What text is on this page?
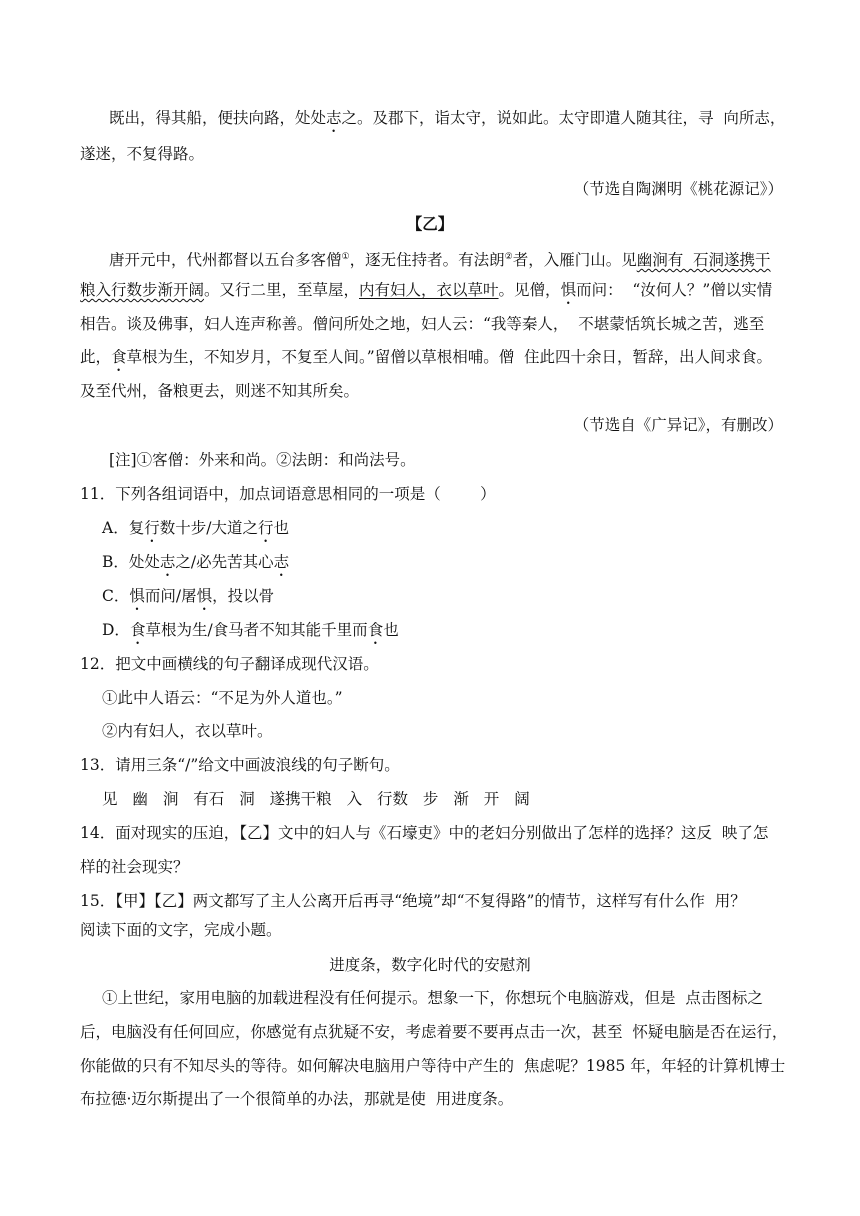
既出，得其船，便扶向路，处处志之。及郡下，诣太守，说如此。太守即遣人随其往，寻  向所志，
遂迷，不复得路。
（节选自陶渊明《桃花源记》）
【乙】
唐开元中，代州都督以五台多客僧①，逐无住持者。有法朗②者，入雁门山。见幽涧有  石洞遂携干
粮入行数步渐开阔。又行二里，至草屋，内有妇人，衣以草叶。见僧，惧而问：  “汝何人？”僧以实情
相告。谈及佛事，妇人连声称善。僧问所处之地，妇人云：“我等秦人，  不堪蒙恬筑长城之苦，逃至
此，食草根为生，不知岁月，不复至人间。”留僧以草根相哺。僧  住此四十余日，暂辞，出人间求食。
及至代州，备粮更去，则迷不知其所矣。
（节选自《广异记》，有删改）
[注]①客僧：外来和尚。②法朗：和尚法号。
11．下列各组词语中，加点词语意思相同的一项是（        ）
A．复行数十步/大道之行也
B．处处志之/必先苦其心志
C．惧而问/屠惧，投以骨
D．食草根为生/食马者不知其能千里而食也
12．把文中画横线的句子翻译成现代汉语。
①此中人语云：“不足为外人道也。”
②内有妇人，衣以草叶。
13．请用三条“/”给文中画波浪线的句子断句。
见 幽 涧 有石 洞 遂携干粮 入 行数 步 渐 开 阔
14．面对现实的压迫，【乙】文中的妇人与《石壕吏》中的老妇分别做出了怎样的选择？这反  映了怎
样的社会现实？
15．【甲】【乙】两文都写了主人公离开后再寻“绝境”却“不复得路”的情节，这样写有什么作  用？
阅读下面的文字，完成小题。
进度条，数字化时代的安慰剂
①上世纪，家用电脑的加载进程没有任何提示。想象一下，你想玩个电脑游戏，但是  点击图标之
后，电脑没有任何回应，你感觉有点犹疑不安，考虑着要不要再点击一次，甚至  怀疑电脑是否在运行，
你能做的只有不知尽头的等待。如何解决电脑用户等待中产生的  焦虑呢？1985 年，年轻的计算机博士
布拉德·迈尔斯提出了一个很简单的办法，那就是使  用进度条。
